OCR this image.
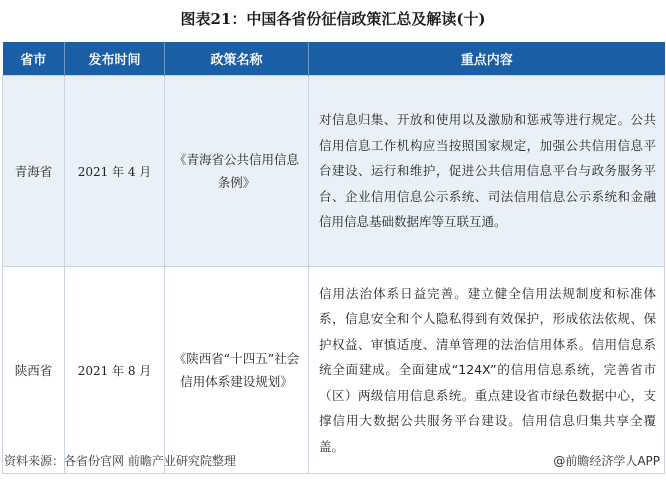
图表21：中国各省份征信政策汇总及解读(十)
省市	发布时间	政策名称	重点内容
青海省	2021 年 4 月	《青海省公共信用信息条例》	对信息归集、开放和使用以及激励和惩戒等进行规定。公共信用信息工作机构应当按照国家规定，加强公共信用信息平台建设、运行和维护，促进公共信用信息平台与政务服务平台、企业信用信息公示系统、司法信用信息公示系统和金融信用信息基础数据库等互联互通。
陕西省	2021 年 8 月	《陕西省“十四五”社会信用体系建设规划》	信用法治体系日益完善。建立健全信用法规制度和标准体系，信息安全和个人隐私得到有效保护，形成依法依规、保护权益、审慎适度、清单管理的法治信用体系。信用信息系统全面建成。全面建成“124X”的信用信息系统，完善省市（区）两级信用信息系统。重点建设省市绿色数据中心，支撑信用大数据公共服务平台建设。信用信息归集共享全覆盖。
资料来源：各省份官网 前瞻产业研究院整理	@前瞻经济学人APP
